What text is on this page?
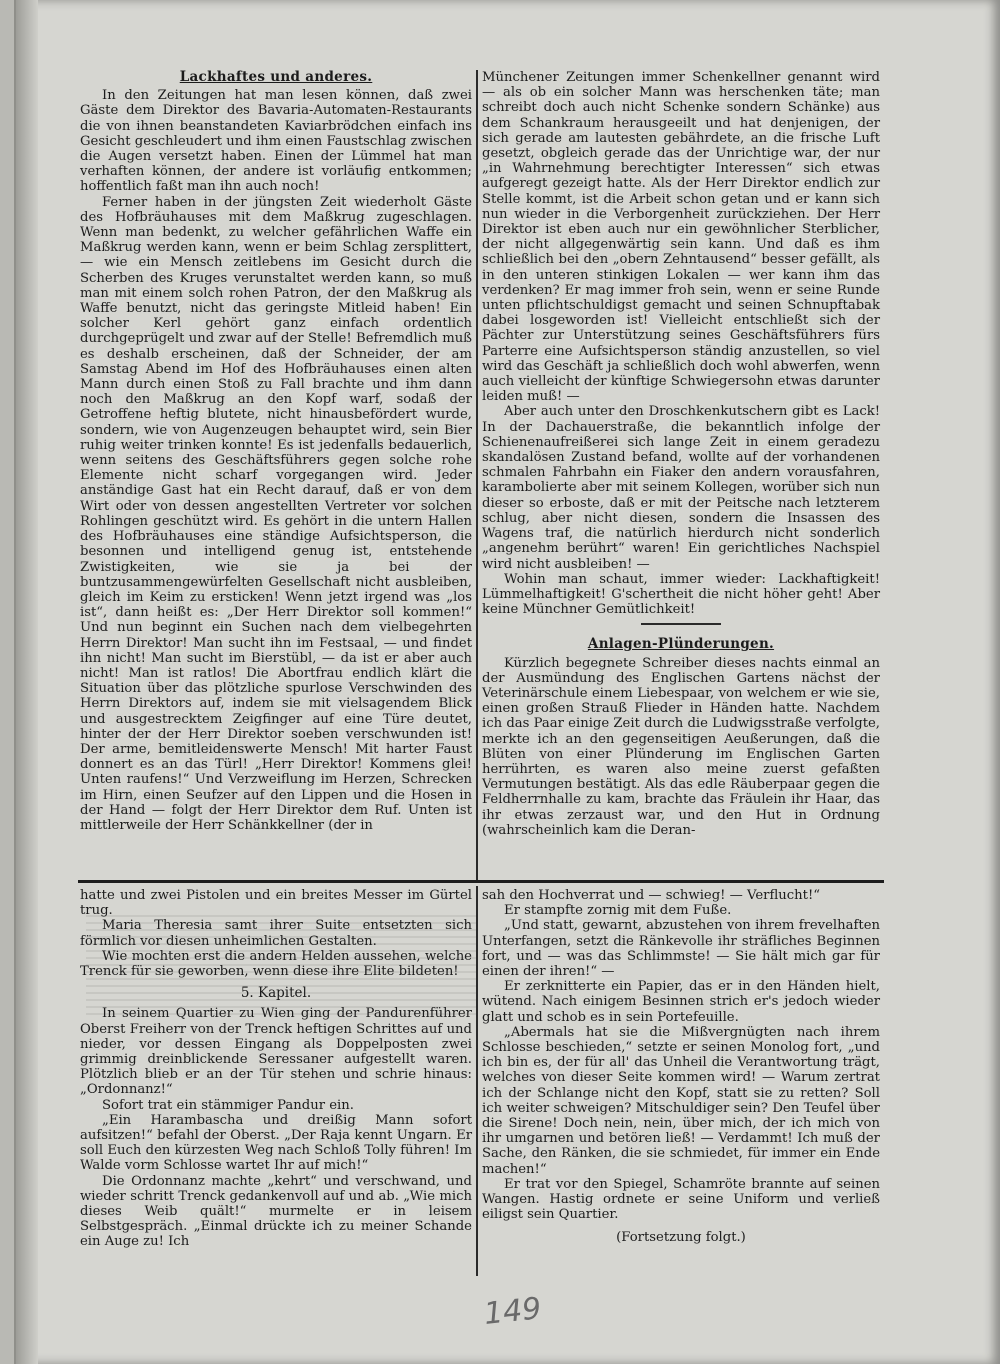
Lackhaftes und anderes.

In den Zeitungen hat man lesen können, daß zwei Gäste dem Direktor des Bavaria-Automaten-Restaurants die von ihnen beanstandeten Kaviarbrödchen einfach ins Gesicht geschleudert und ihm einen Faustschlag zwischen die Augen versetzt haben. Einen der Lümmel hat man verhaften können, der andere ist vorläufig entkommen; hoffentlich faßt man ihn auch noch!

Ferner haben in der jüngsten Zeit wiederholt Gäste des Hofbräuhauses mit dem Maßkrug zugeschlagen. Wenn man bedenkt, zu welcher gefährlichen Waffe ein Maßkrug werden kann, wenn er beim Schlag zersplittert, — wie ein Mensch zeitlebens im Gesicht durch die Scherben des Kruges verunstaltet werden kann, so muß man mit einem solch rohen Patron, der den Maßkrug als Waffe benutzt, nicht das geringste Mitleid haben! Ein solcher Kerl gehört ganz einfach ordentlich durchgeprügelt und zwar auf der Stelle! Befremdlich muß es deshalb erscheinen, daß der Schneider, der am Samstag Abend im Hof des Hofbräuhauses einen alten Mann durch einen Stoß zu Fall brachte und ihm dann noch den Maßkrug an den Kopf warf, sodaß der Getroffene heftig blutete, nicht hinausbefördert wurde, sondern, wie von Augenzeugen behauptet wird, sein Bier ruhig weiter trinken konnte! Es ist jedenfalls bedauerlich, wenn seitens des Geschäftsführers gegen solche rohe Elemente nicht scharf vorgegangen wird. Jeder anständige Gast hat ein Recht darauf, daß er von dem Wirt oder von dessen angestellten Vertreter vor solchen Rohlingen geschützt wird. Es gehört in die untern Hallen des Hofbräuhauses eine ständige Aufsichtsperson, die besonnen und intelligend genug ist, entstehende Zwistigkeiten, wie sie ja bei der buntzusammengewürfelten Gesellschaft nicht ausbleiben, gleich im Keim zu ersticken! Wenn jetzt irgend was „los ist“, dann heißt es: „Der Herr Direktor soll kommen!“ Und nun beginnt ein Suchen nach dem vielbegehrten Herrn Direktor! Man sucht ihn im Festsaal, — und findet ihn nicht! Man sucht im Bierstübl, — da ist er aber auch nicht! Man ist ratlos! Die Abortfrau endlich klärt die Situation über das plötzliche spurlose Verschwinden des Herrn Direktors auf, indem sie mit vielsagendem Blick und ausgestrecktem Zeigfinger auf eine Türe deutet, hinter der der Herr Direktor soeben verschwunden ist! Der arme, bemitleidenswerte Mensch! Mit harter Faust donnert es an das Türl! „Herr Direktor! Kommens glei! Unten raufens!“ Und Verzweiflung im Herzen, Schrecken im Hirn, einen Seufzer auf den Lippen und die Hosen in der Hand — folgt der Herr Direktor dem Ruf. Unten ist mittlerweile der Herr Schänkkellner (der in

Münchener Zeitungen immer Schenkellner genannt wird — als ob ein solcher Mann was herschenken täte; man schreibt doch auch nicht Schenke sondern Schänke) aus dem Schankraum herausgeeilt und hat denjenigen, der sich gerade am lautesten gebährdete, an die frische Luft gesetzt, obgleich gerade das der Unrichtige war, der nur „in Wahrnehmung berechtigter Interessen“ sich etwas aufgeregt gezeigt hatte. Als der Herr Direktor endlich zur Stelle kommt, ist die Arbeit schon getan und er kann sich nun wieder in die Verborgenheit zurückziehen. Der Herr Direktor ist eben auch nur ein gewöhnlicher Sterblicher, der nicht allgegenwärtig sein kann. Und daß es ihm schließlich bei den „obern Zehntausend“ besser gefällt, als in den unteren stinkigen Lokalen — wer kann ihm das verdenken? Er mag immer froh sein, wenn er seine Runde unten pflichtschuldigst gemacht und seinen Schnupftabak dabei losgeworden ist! Vielleicht entschließt sich der Pächter zur Unterstützung seines Geschäftsführers fürs Parterre eine Aufsichtsperson ständig anzustellen, so viel wird das Geschäft ja schließlich doch wohl abwerfen, wenn auch vielleicht der künftige Schwiegersohn etwas darunter leiden muß! —

Aber auch unter den Droschkenkutschern gibt es Lack! In der Dachauerstraße, die bekanntlich infolge der Schienenaufreißerei sich lange Zeit in einem geradezu skandalösen Zustand befand, wollte auf der vorhandenen schmalen Fahrbahn ein Fiaker den andern vorausfahren, karambolierte aber mit seinem Kollegen, worüber sich nun dieser so erboste, daß er mit der Peitsche nach letzterem schlug, aber nicht diesen, sondern die Insassen des Wagens traf, die natürlich hierdurch nicht sonderlich „angenehm berührt“ waren! Ein gerichtliches Nachspiel wird nicht ausbleiben! —

Wohin man schaut, immer wieder: Lackhaftigkeit! Lümmelhaftigkeit! G'schertheit die nicht höher geht! Aber keine Münchner Gemütlichkeit!

Anlagen-Plünderungen.

Kürzlich begegnete Schreiber dieses nachts einmal an der Ausmündung des Englischen Gartens nächst der Veterinärschule einem Liebespaar, von welchem er wie sie, einen großen Strauß Flieder in Händen hatte. Nachdem ich das Paar einige Zeit durch die Ludwigsstraße verfolgte, merkte ich an den gegenseitigen Aeußerungen, daß die Blüten von einer Plünderung im Englischen Garten herrührten, es waren also meine zuerst gefaßten Vermutungen bestätigt. Als das edle Räuberpaar gegen die Feldherrnhalle zu kam, brachte das Fräulein ihr Haar, das ihr etwas zerzaust war, und den Hut in Ordnung (wahrscheinlich kam die Deran-

hatte und zwei Pistolen und ein breites Messer im Gürtel trug.

Maria Theresia samt ihrer Suite entsetzten sich förmlich vor diesen unheimlichen Gestalten.

Wie mochten erst die andern Helden aussehen, welche Trenck für sie geworben, wenn diese ihre Elite bildeten!

5. Kapitel.

In seinem Quartier zu Wien ging der Pandurenführer Oberst Freiherr von der Trenck heftigen Schrittes auf und nieder, vor dessen Eingang als Doppelposten zwei grimmig dreinblickende Seressaner aufgestellt waren. Plötzlich blieb er an der Tür stehen und schrie hinaus: „Ordonnanz!“

Sofort trat ein stämmiger Pandur ein.

„Ein Harambascha und dreißig Mann sofort aufsitzen!“ befahl der Oberst. „Der Raja kennt Ungarn. Er soll Euch den kürzesten Weg nach Schloß Tolly führen! Im Walde vorm Schlosse wartet Ihr auf mich!“

Die Ordonnanz machte „kehrt“ und verschwand, und wieder schritt Trenck gedankenvoll auf und ab. „Wie mich dieses Weib quält!“ murmelte er in leisem Selbstgespräch. „Einmal drückte ich zu meiner Schande ein Auge zu! Ich

sah den Hochverrat und — schwieg! — Verflucht!“

Er stampfte zornig mit dem Fuße.

„Und statt, gewarnt, abzustehen von ihrem frevelhaften Unterfangen, setzt die Ränkevolle ihr sträfliches Beginnen fort, und — was das Schlimmste! — Sie hält mich gar für einen der ihren!“ —

Er zerknitterte ein Papier, das er in den Händen hielt, wütend. Nach einigem Besinnen strich er's jedoch wieder glatt und schob es in sein Portefeuille.

„Abermals hat sie die Mißvergnügten nach ihrem Schlosse beschieden,“ setzte er seinen Monolog fort, „und ich bin es, der für all' das Unheil die Verantwortung trägt, welches von dieser Seite kommen wird! — Warum zertrat ich der Schlange nicht den Kopf, statt sie zu retten? Soll ich weiter schweigen? Mitschuldiger sein? Den Teufel über die Sirene! Doch nein, nein, über mich, der ich mich von ihr umgarnen und betören ließ! — Verdammt! Ich muß der Sache, den Ränken, die sie schmiedet, für immer ein Ende machen!“

Er trat vor den Spiegel, Schamröte brannte auf seinen Wangen. Hastig ordnete er seine Uniform und verließ eiligst sein Quartier.

(Fortsetzung folgt.)

149
